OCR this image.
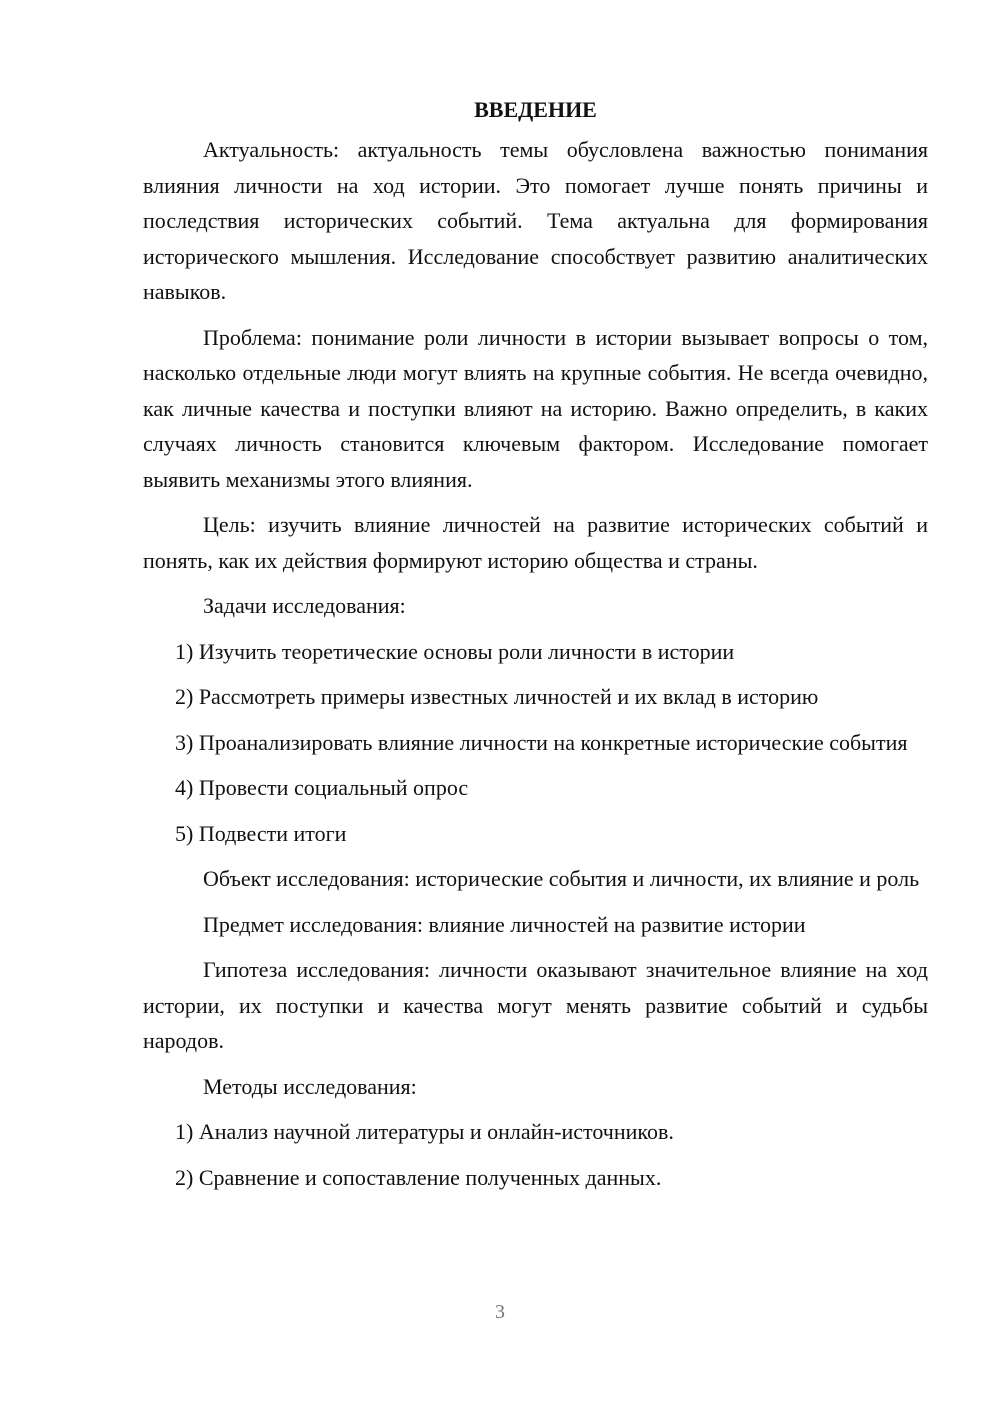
ВВЕДЕНИЕ

Актуальность: актуальность темы обусловлена важностью понимания влияния личности на ход истории. Это помогает лучше понять причины и последствия исторических событий. Тема актуальна для формирования исторического мышления. Исследование способствует развитию аналитических навыков.

Проблема: понимание роли личности в истории вызывает вопросы о том, насколько отдельные люди могут влиять на крупные события. Не всегда очевидно, как личные качества и поступки влияют на историю. Важно определить, в каких случаях личность становится ключевым фактором. Исследование помогает выявить механизмы этого влияния.

Цель: изучить влияние личностей на развитие исторических событий и понять, как их действия формируют историю общества и страны.

Задачи исследования:

1) Изучить теоретические основы роли личности в истории

2) Рассмотреть примеры известных личностей и их вклад в историю

3) Проанализировать влияние личности на конкретные исторические события

4) Провести социальный опрос

5) Подвести итоги

Объект исследования: исторические события и личности, их влияние и роль

Предмет исследования: влияние личностей на развитие истории

Гипотеза исследования: личности оказывают значительное влияние на ход истории, их поступки и качества могут менять развитие событий и судьбы народов.

Методы исследования:

1) Анализ научной литературы и онлайн-источников.

2) Сравнение и сопоставление полученных данных.

3
